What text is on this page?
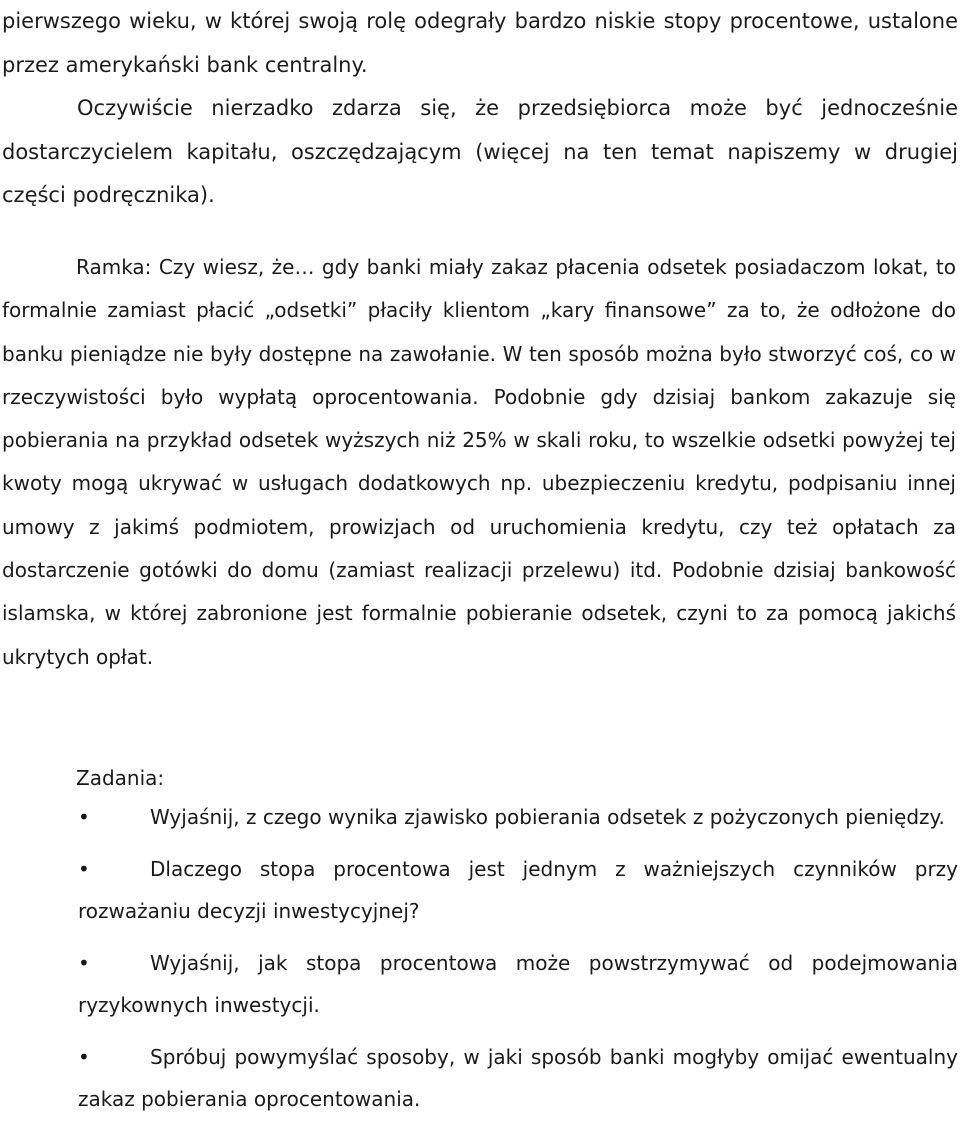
pierwszego wieku, w której swoją rolę odegrały bardzo niskie stopy procentowe, ustalone przez amerykański bank centralny.

Oczywiście nierzadko zdarza się, że przedsiębiorca może być jednocześnie dostarczycielem kapitału, oszczędzającym (więcej na ten temat napiszemy w drugiej części podręcznika).

Ramka: Czy wiesz, że… gdy banki miały zakaz płacenia odsetek posiadaczom lokat, to formalnie zamiast płacić „odsetki” płaciły klientom „kary finansowe” za to, że odłożone do banku pieniądze nie były dostępne na zawołanie. W ten sposób można było stworzyć coś, co w rzeczywistości było wypłatą oprocentowania. Podobnie gdy dzisiaj bankom zakazuje się pobierania na przykład odsetek wyższych niż 25% w skali roku, to wszelkie odsetki powyżej tej kwoty mogą ukrywać w usługach dodatkowych np. ubezpieczeniu kredytu, podpisaniu innej umowy z jakimś podmiotem, prowizjach od uruchomienia kredytu, czy też opłatach za dostarczenie gotówki do domu (zamiast realizacji przelewu) itd. Podobnie dzisiaj bankowość islamska, w której zabronione jest formalnie pobieranie odsetek, czyni to za pomocą jakichś ukrytych opłat.

Zadania:
•	Wyjaśnij, z czego wynika zjawisko pobierania odsetek z pożyczonych pieniędzy.
•	Dlaczego stopa procentowa jest jednym z ważniejszych czynników przy rozważaniu decyzji inwestycyjnej?
•	Wyjaśnij, jak stopa procentowa może powstrzymywać od podejmowania ryzykownych inwestycji.
•	Spróbuj powymyślać sposoby, w jaki sposób banki mogłyby omijać ewentualny zakaz pobierania oprocentowania.
